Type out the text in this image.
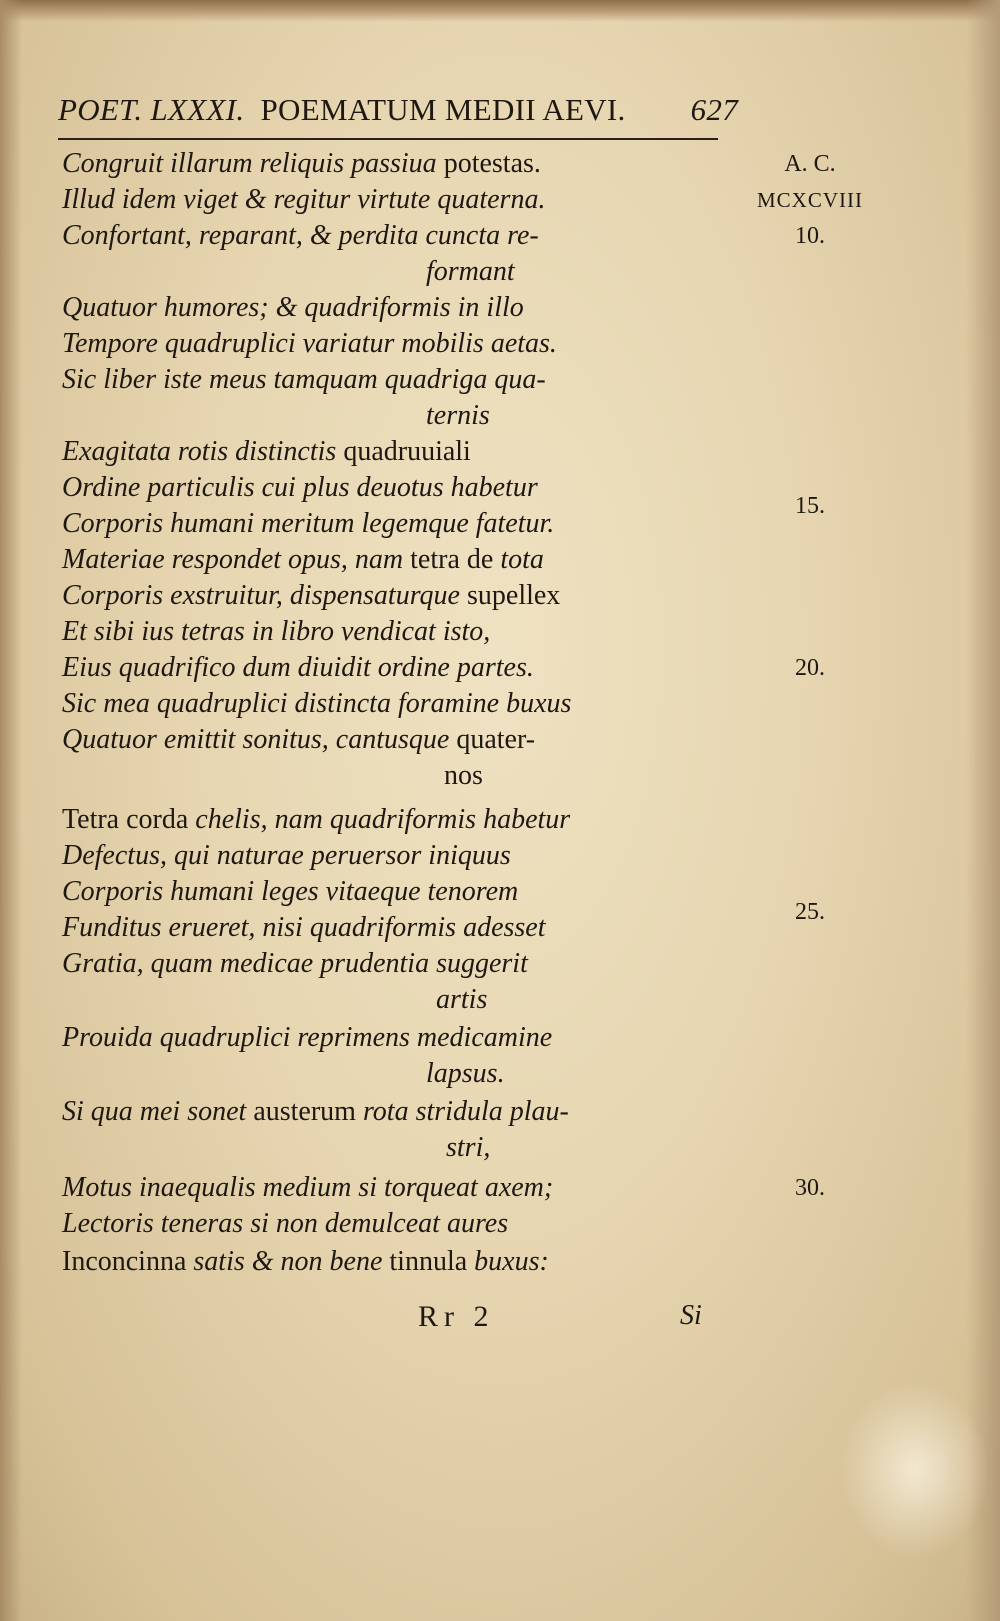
POET. LXXXI. POEMATUM MEDII AEVI. 627
Congruit illarum reliquis passiua potestas.
Illud idem viget & regitur virtute quaterna.
Confortant, reparant, & perdita cuncta re-
formant
Quatuor humores; & quadriformis in illo
Tempore quadruplici variatur mobilis aetas.
Sic liber iste meus tamquam quadriga qua-
ternis
Exagitata rotis distinctis quadruuiali
Ordine particulis cui plus deuotus habetur
Corporis humani meritum legemque fatetur.
Materiae respondet opus, nam tetra de tota
Corporis exstruitur, dispensaturque supellex
Et sibi ius tetras in libro vendicat isto,
Eius quadrifico dum diuidit ordine partes.
Sic mea quadruplici distincta foramine buxus
Quatuor emittit sonitus, cantusque quater-
nos
Tetra corda chelis, nam quadriformis habetur
Defectus, qui naturae peruersor iniquus
Corporis humani leges vitaeque tenorem
Funditus erueret, nisi quadriformis adesset
Gratia, quam medicae prudentia suggerit
artis
Prouida quadruplici reprimens medicamine
lapsus.
Si qua mei sonet austerum rota stridula plau-
stri,
Motus inaequalis medium si torqueat axem;
Lectoris teneras si non demulceat aures
Inconcinna satis & non bene tinnula buxus:
A. C.
MCXCVIII
10.
15.
20.
25.
30.
Rr 2	Si
